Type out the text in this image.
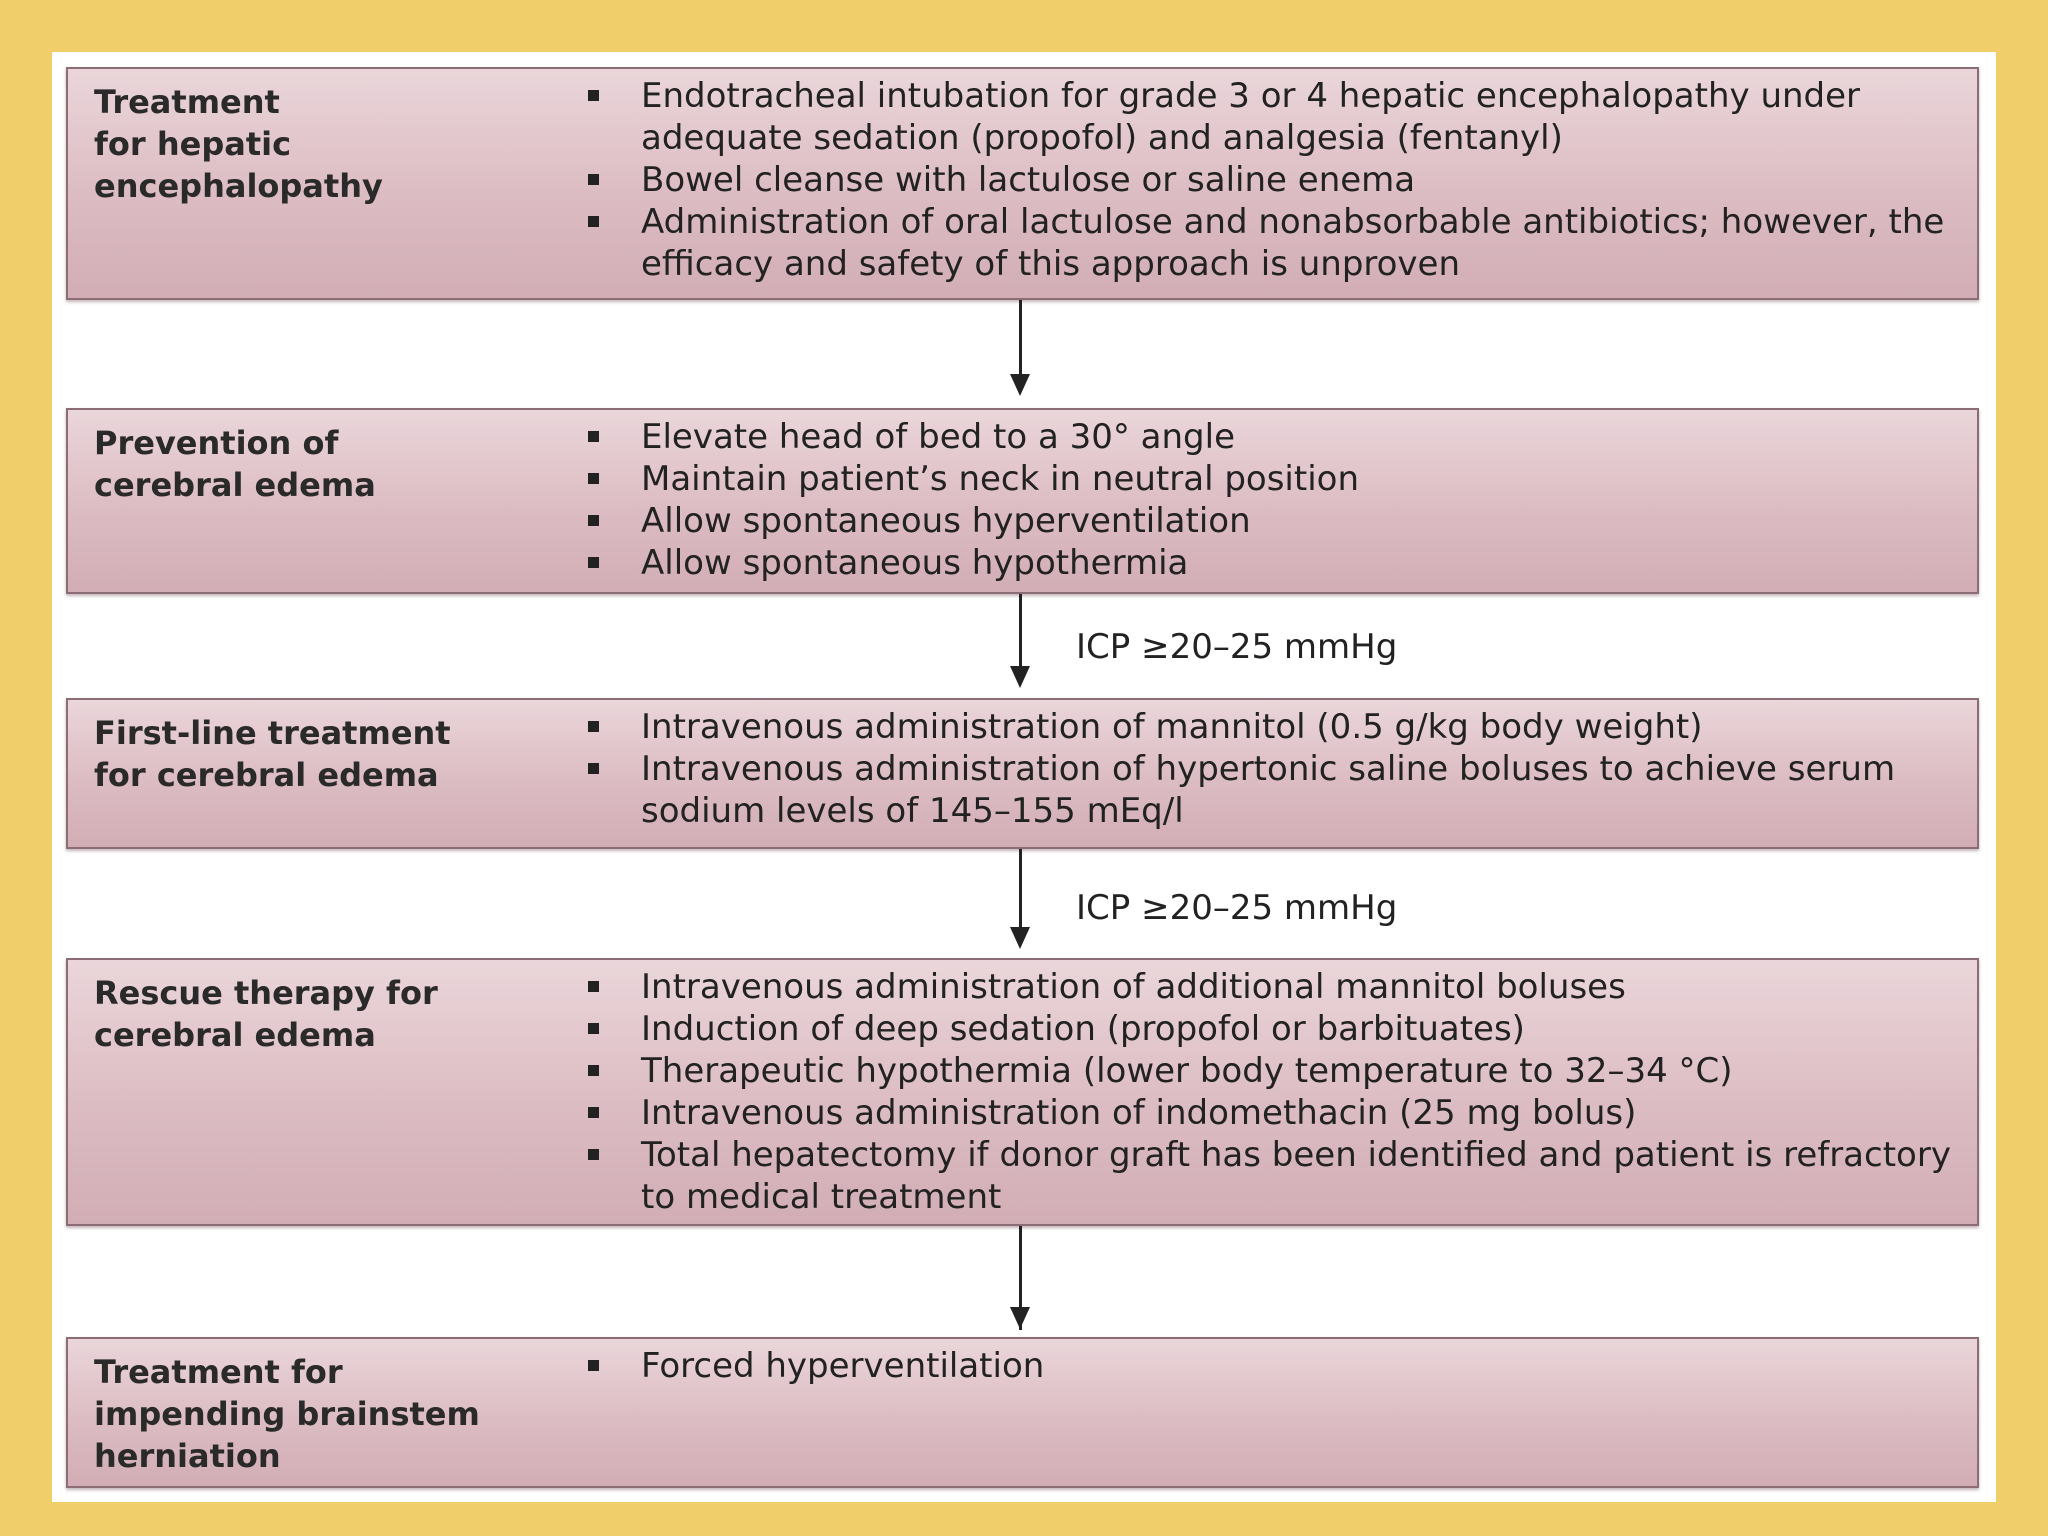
Treatment
for hepatic
encephalopathy
Endotracheal intubation for grade 3 or 4 hepatic encephalopathy under adequate sedation (propofol) and analgesia (fentanyl)
Bowel cleanse with lactulose or saline enema
Administration of oral lactulose and nonabsorbable antibiotics; however, the efficacy and safety of this approach is unproven
Prevention of
cerebral edema
Elevate head of bed to a 30° angle
Maintain patient’s neck in neutral position
Allow spontaneous hyperventilation
Allow spontaneous hypothermia
ICP ≥20–25 mmHg
First-line treatment
for cerebral edema
Intravenous administration of mannitol (0.5 g/kg body weight)
Intravenous administration of hypertonic saline boluses to achieve serum sodium levels of 145–155 mEq/l
ICP ≥20–25 mmHg
Rescue therapy for
cerebral edema
Intravenous administration of additional mannitol boluses
Induction of deep sedation (propofol or barbituates)
Therapeutic hypothermia (lower body temperature to 32–34 °C)
Intravenous administration of indomethacin (25 mg bolus)
Total hepatectomy if donor graft has been identified and patient is refractory to medical treatment
Treatment for
impending brainstem
herniation
Forced hyperventilation
